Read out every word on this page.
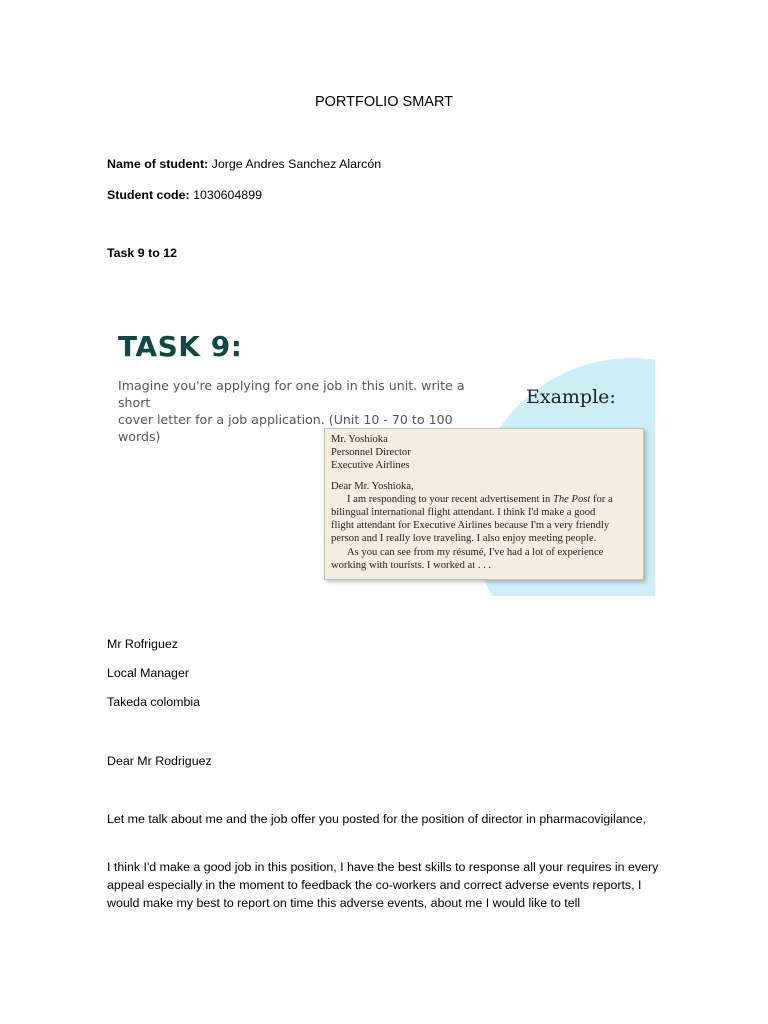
PORTFOLIO SMART
Name of student: Jorge Andres Sanchez Alarcón
Student code: 1030604899
Task 9 to 12
TASK 9:
Imagine you're applying for one job in this unit. write a short
cover letter for a job application. (Unit 10 - 70 to 100 words)
Example:
Mr. Yoshioka
Personnel Director
Executive Airlines
Dear Mr. Yoshioka,
I am responding to your recent advertisement in The Post for a
bilingual international flight attendant. I think I'd make a good
flight attendant for Executive Airlines because I'm a very friendly
person and I really love traveling. I also enjoy meeting people.
As you can see from my résumé, I've had a lot of experience
working with tourists. I worked at . . .
Mr Rofriguez
Local Manager
Takeda colombia
Dear Mr Rodriguez
Let me talk about me and the job offer you posted for the position of director in pharmacovigilance,
I think I'd make a good job in this position, I have the best skills to response all your requires in every appeal especially in the moment to feedback the co-workers and correct adverse events reports, I would make my best to report on time this adverse events, about me I would like to tell
